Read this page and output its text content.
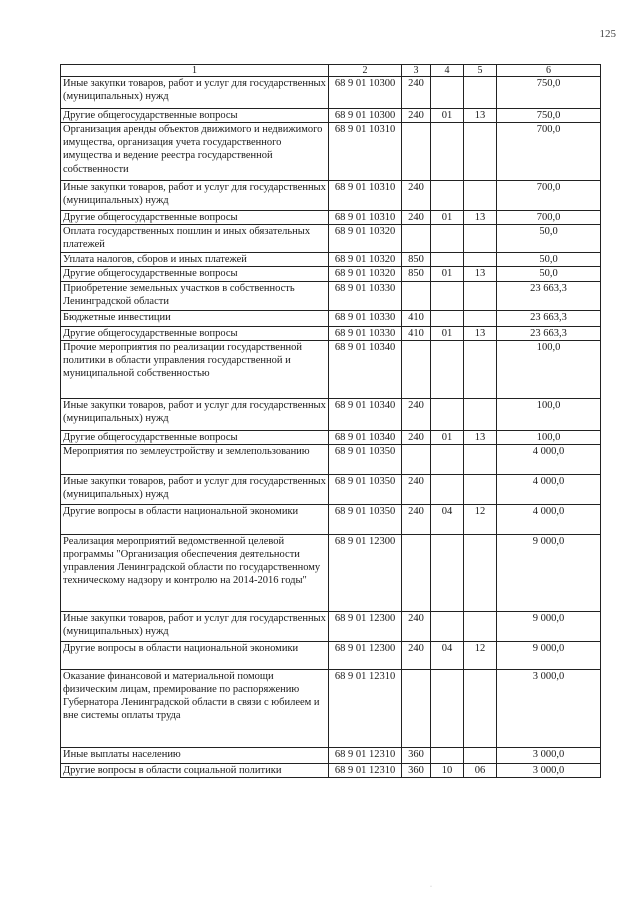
125
1	2	3	4	5	6
Иные закупки товаров, работ и услуг для государственных (муниципальных) нужд	68 9 01 10300	240			750,0
Другие общегосударственные вопросы	68 9 01 10300	240	01	13	750,0
Организация аренды объектов движимого и недвижимого имущества, организация учета государственного имущества и ведение реестра государственной собственности	68 9 01 10310				700,0
Иные закупки товаров, работ и услуг для государственных (муниципальных) нужд	68 9 01 10310	240			700,0
Другие общегосударственные вопросы	68 9 01 10310	240	01	13	700,0
Оплата государственных пошлин и иных обязательных платежей	68 9 01 10320				50,0
Уплата налогов, сборов и иных платежей	68 9 01 10320	850			50,0
Другие общегосударственные вопросы	68 9 01 10320	850	01	13	50,0
Приобретение земельных участков в собственность Ленинградской области	68 9 01 10330				23 663,3
Бюджетные инвестиции	68 9 01 10330	410			23 663,3
Другие общегосударственные вопросы	68 9 01 10330	410	01	13	23 663,3
Прочие мероприятия по реализации государственной политики в области управления государственной и муниципальной собственностью	68 9 01 10340				100,0
Иные закупки товаров, работ и услуг для государственных (муниципальных) нужд	68 9 01 10340	240			100,0
Другие общегосударственные вопросы	68 9 01 10340	240	01	13	100,0
Мероприятия по землеустройству и землепользованию	68 9 01 10350				4 000,0
Иные закупки товаров, работ и услуг для государственных (муниципальных) нужд	68 9 01 10350	240			4 000,0
Другие вопросы в области национальной экономики	68 9 01 10350	240	04	12	4 000,0
Реализация мероприятий ведомственной целевой программы "Организация обеспечения деятельности управления Ленинградской области по государственному техническому надзору и контролю на 2014-2016 годы"	68 9 01 12300				9 000,0
Иные закупки товаров, работ и услуг для государственных (муниципальных) нужд	68 9 01 12300	240			9 000,0
Другие вопросы в области национальной экономики	68 9 01 12300	240	04	12	9 000,0
Оказание финансовой и материальной помощи физическим лицам, премирование по распоряжению Губернатора Ленинградской области в связи с юбилеем и вне системы оплаты труда	68 9 01 12310				3 000,0
Иные выплаты населению	68 9 01 12310	360			3 000,0
Другие вопросы в области социальной политики	68 9 01 12310	360	10	06	3 000,0
·
